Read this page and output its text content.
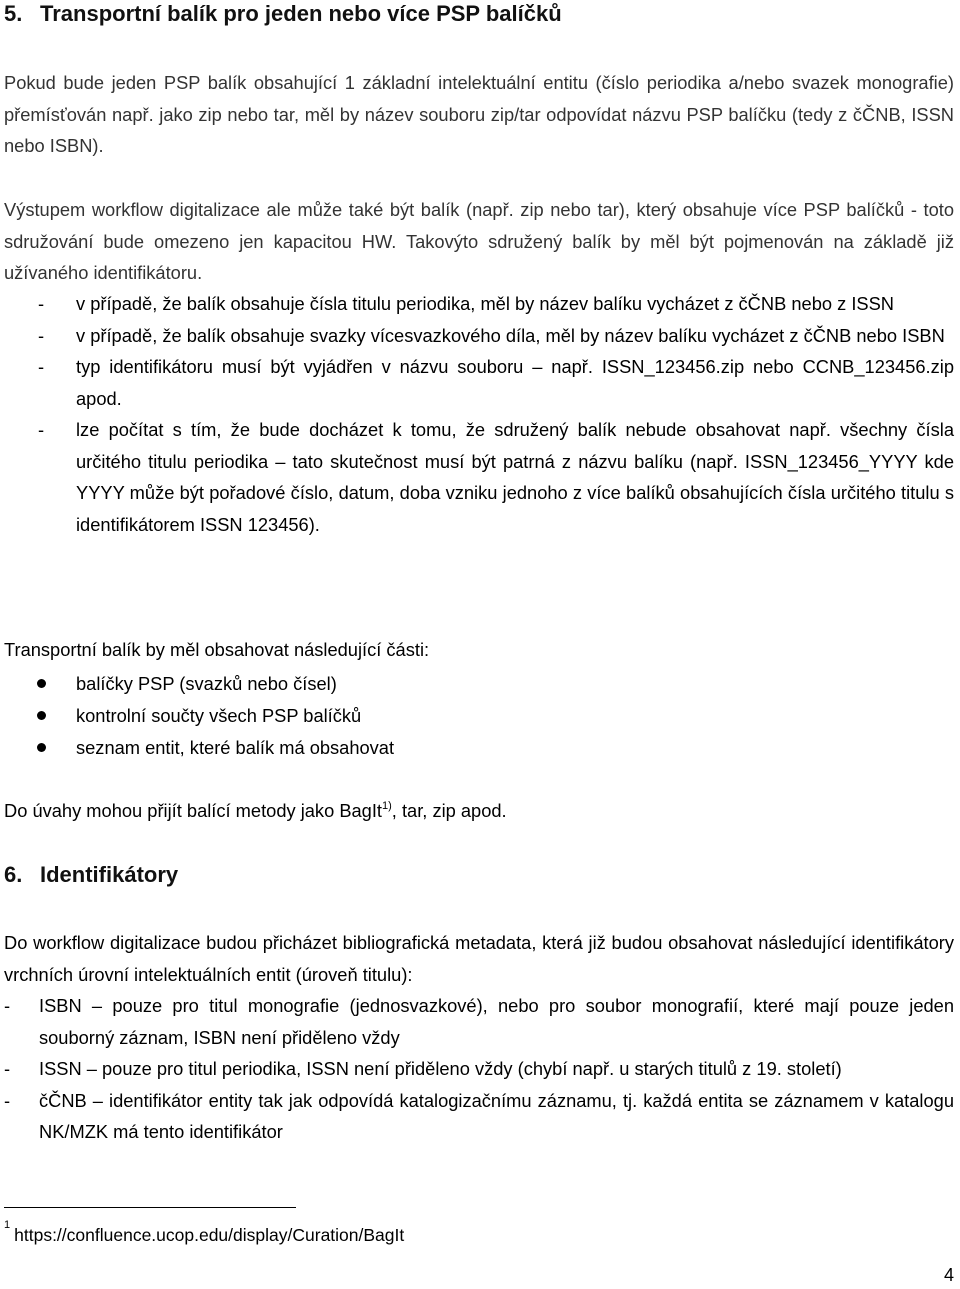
5. Transportní balík pro jeden nebo více PSP balíčků

Pokud bude jeden PSP balík obsahující 1 základní intelektuální entitu (číslo periodika a/nebo svazek monografie) přemísťován např. jako zip nebo tar, měl by název souboru zip/tar odpovídat názvu PSP balíčku (tedy z čČNB, ISSN nebo ISBN).

Výstupem workflow digitalizace ale může také být balík (např. zip nebo tar), který obsahuje více PSP balíčků - toto sdružování bude omezeno jen kapacitou HW. Takovýto sdružený balík by měl být pojmenován na základě již užívaného identifikátoru.

- v případě, že balík obsahuje čísla titulu periodika, měl by název balíku vycházet z čČNB nebo z ISSN
- v případě, že balík obsahuje svazky vícesvazkového díla, měl by název balíku vycházet z čČNB nebo ISBN
- typ identifikátoru musí být vyjádřen v názvu souboru – např. ISSN_123456.zip nebo CCNB_123456.zip apod.
- lze počítat s tím, že bude docházet k tomu, že sdružený balík nebude obsahovat např. všechny čísla určitého titulu periodika – tato skutečnost musí být patrná z názvu balíku (např. ISSN_123456_YYYY kde YYYY může být pořadové číslo, datum, doba vzniku jednoho z více balíků obsahujících čísla určitého titulu s identifikátorem ISSN 123456).

Transportní balík by měl obsahovat následující části:

balíčky PSP (svazků nebo čísel)
kontrolní součty všech PSP balíčků
seznam entit, které balík má obsahovat

Do úvahy mohou přijít balící metody jako BagIt$^{1)}$, tar, zip apod.

6. Identifikátory

Do workflow digitalizace budou přicházet bibliografická metadata, která již budou obsahovat následující identifikátory vrchních úrovní intelektuálních entit (úroveň titulu):

- ISBN – pouze pro titul monografie (jednosvazkové), nebo pro soubor monografií, které mají pouze jeden souborný záznam, ISBN není přiděleno vždy
- ISSN – pouze pro titul periodika, ISSN není přiděleno vždy (chybí např. u starých titulů z 19. století)
- čČNB – identifikátor entity tak jak odpovídá katalogizačnímu záznamu, tj. každá entita se záznamem v katalogu NK/MZK má tento identifikátor
$^1$ https://confluence.ucop.edu/display/Curation/BagIt
4
